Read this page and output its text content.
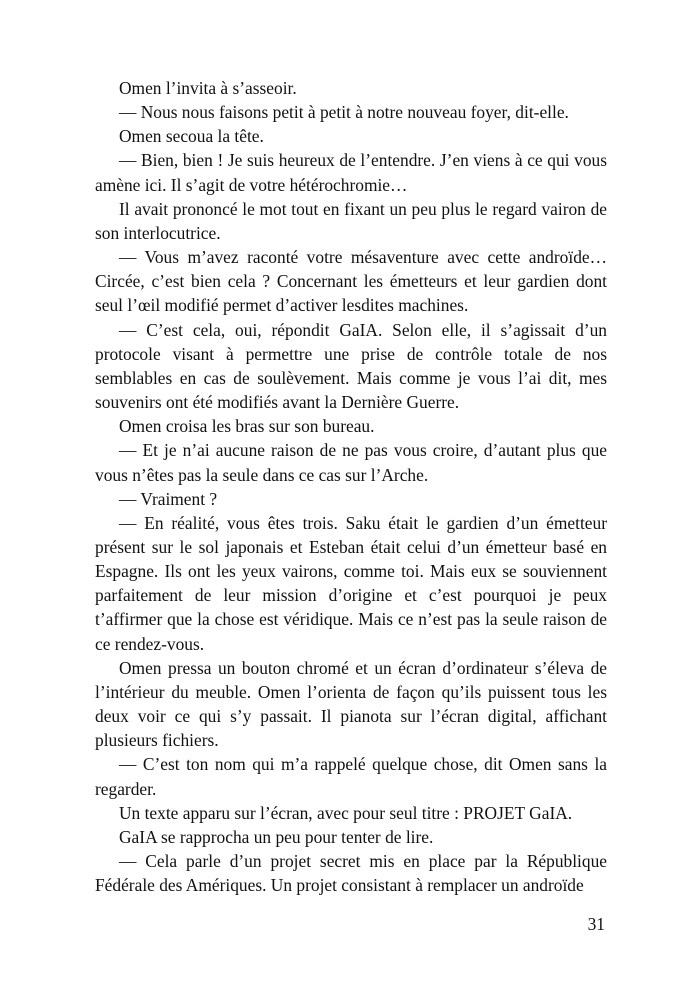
Omen l’invita à s’asseoir.

— Nous nous faisons petit à petit à notre nouveau foyer, dit-elle.

Omen secoua la tête.

— Bien, bien ! Je suis heureux de l’entendre. J’en viens à ce qui vous amène ici. Il s’agit de votre hétérochromie…

Il avait prononcé le mot tout en fixant un peu plus le regard vairon de son interlocutrice.

— Vous m’avez raconté votre mésaventure avec cette androïde… Circée, c’est bien cela ? Concernant les émetteurs et leur gardien dont seul l’œil modifié permet d’activer lesdites machines.

— C’est cela, oui, répondit GaIA. Selon elle, il s’agissait d’un protocole visant à permettre une prise de contrôle totale de nos semblables en cas de soulèvement. Mais comme je vous l’ai dit, mes souvenirs ont été modifiés avant la Dernière Guerre.

Omen croisa les bras sur son bureau.

— Et je n’ai aucune raison de ne pas vous croire, d’autant plus que vous n’êtes pas la seule dans ce cas sur l’Arche.

— Vraiment ?

— En réalité, vous êtes trois. Saku était le gardien d’un émetteur présent sur le sol japonais et Esteban était celui d’un émetteur basé en Espagne. Ils ont les yeux vairons, comme toi. Mais eux se souviennent parfaitement de leur mission d’origine et c’est pourquoi je peux t’affirmer que la chose est véridique. Mais ce n’est pas la seule raison de ce rendez-vous.

Omen pressa un bouton chromé et un écran d’ordinateur s’éleva de l’intérieur du meuble. Omen l’orienta de façon qu’ils puissent tous les deux voir ce qui s’y passait. Il pianota sur l’écran digital, affichant plusieurs fichiers.

— C’est ton nom qui m’a rappelé quelque chose, dit Omen sans la regarder.

Un texte apparu sur l’écran, avec pour seul titre : PROJET GaIA.

GaIA se rapprocha un peu pour tenter de lire.

— Cela parle d’un projet secret mis en place par la République Fédérale des Amériques. Un projet consistant à remplacer un androïde

31
